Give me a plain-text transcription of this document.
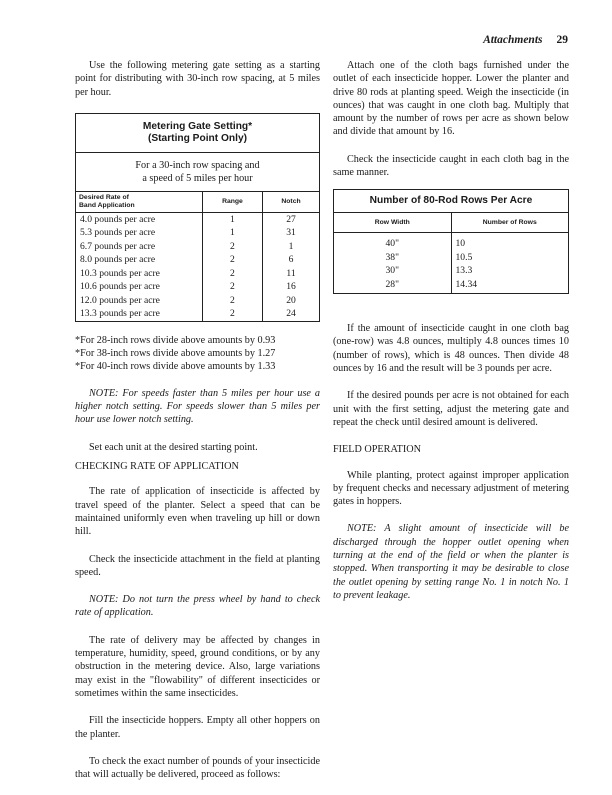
Attachments 29

Use the following metering gate setting as a starting point for distributing with 30-inch row spacing, at 5 miles per hour.

Metering Gate Setting*
(Starting Point Only)		

For a 30-inch row spacing and
a speed of 5 miles per hour		

Desired Rate of
Band Application	Range	Notch
4.0 pounds per acre	1	27
5.3 pounds per acre	1	31
6.7 pounds per acre	2	1
8.0 pounds per acre	2	6
10.3 pounds per acre	2	11
10.6 pounds per acre	2	16
12.0 pounds per acre	2	20
13.3 pounds per acre	2	24
*For 28-inch rows divide above amounts by 0.93
*For 38-inch rows divide above amounts by 1.27
*For 40-inch rows divide above amounts by 1.33

NOTE: For speeds faster than 5 miles per hour use a higher notch setting. For speeds slower than 5 miles per hour use lower notch setting.

Set each unit at the desired starting point.

CHECKING RATE OF APPLICATION

The rate of application of insecticide is affected by travel speed of the planter. Select a speed that can be maintained uniformly even when traveling up hill or down hill.

Check the insecticide attachment in the field at planting speed.

NOTE: Do not turn the press wheel by hand to check rate of application.

The rate of delivery may be affected by changes in temperature, humidity, speed, ground conditions, or by any obstruction in the metering device. Also, large variations may exist in the "flowability" of different insecticides or sometimes within the same insecticides.

Fill the insecticide hoppers. Empty all other hoppers on the planter.

To check the exact number of pounds of your insecticide that will actually be delivered, proceed as follows:

Attach one of the cloth bags furnished under the outlet of each insecticide hopper. Lower the planter and drive 80 rods at planting speed. Weigh the insecticide (in ounces) that was caught in one cloth bag. Multiply that amount by the number of rows per acre as shown below and divide that amount by 16.

Check the insecticide caught in each cloth bag in the same manner.

Number of 80-Rod Rows Per Acre	
Row Width	Number of Rows
40"	10
38"	10.5
30"	13.3
28"	14.34

If the amount of insecticide caught in one cloth bag (one-row) was 4.8 ounces, multiply 4.8 ounces times 10 (number of rows), which is 48 ounces. Then divide 48 ounces by 16 and the result will be 3 pounds per acre.

If the desired pounds per acre is not obtained for each unit with the first setting, adjust the metering gate and repeat the check until desired amount is delivered.

FIELD OPERATION

While planting, protect against improper application by frequent checks and necessary adjustment of metering gates in hoppers.

NOTE: A slight amount of insecticide will be discharged through the hopper outlet opening when turning at the end of the field or when the planter is stopped. When transporting it may be desirable to close the outlet opening by setting range No. 1 in notch No. 1 to prevent leakage.
